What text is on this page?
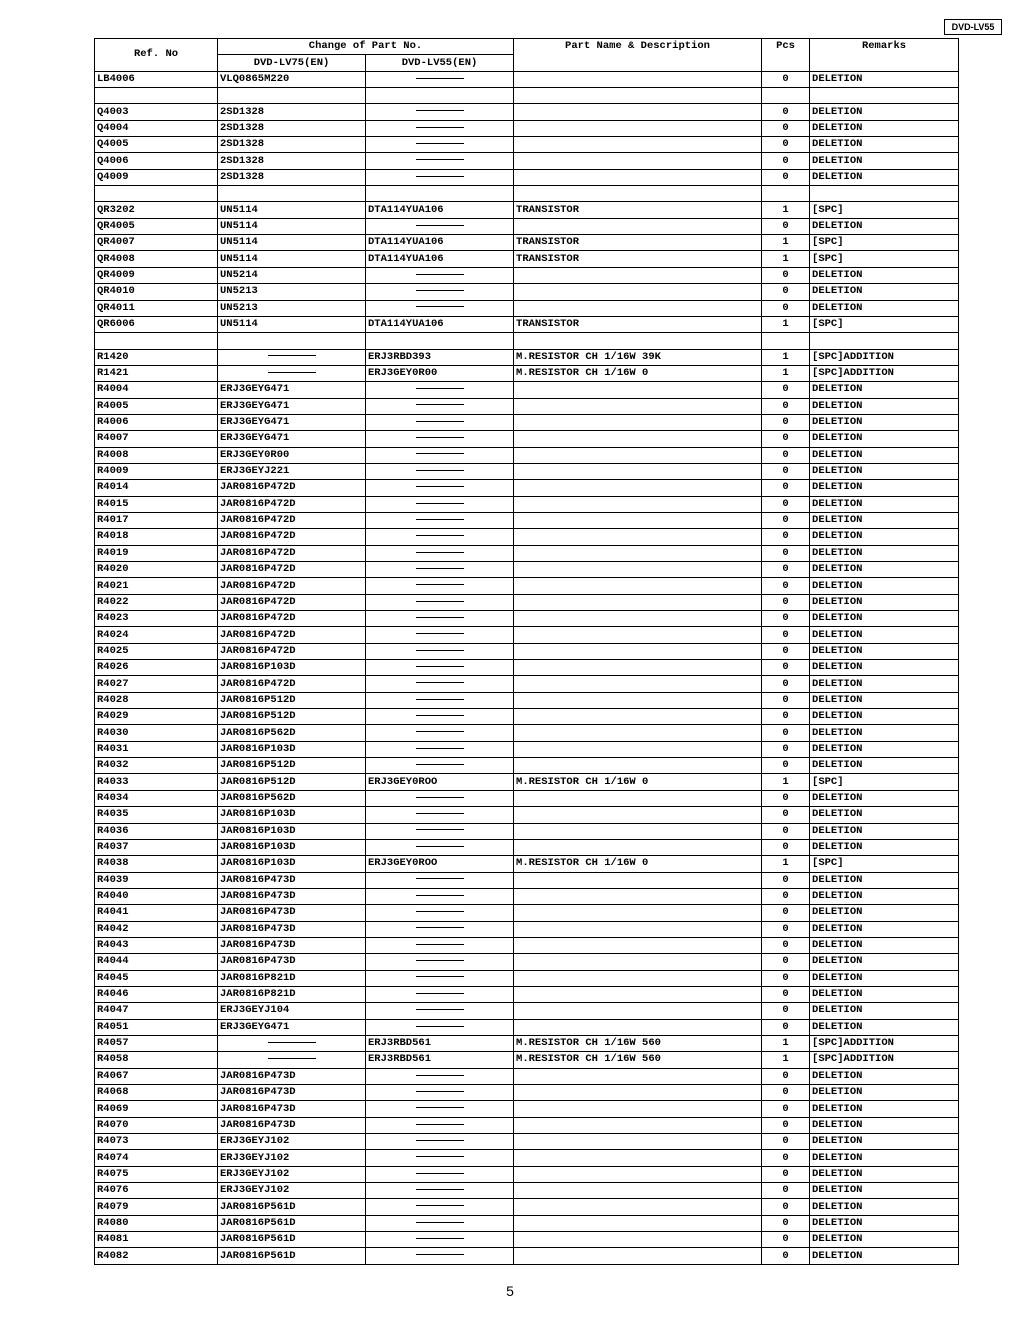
DVD-LV55
Ref. No	Change of Part No.		Part Name & Description	Pcs	Remarks
	DVD-LV75(EN)	DVD-LV55(EN)			
LB4006	VLQ0865M220			0	DELETION

Q4003	2SD1328			0	DELETION
Q4004	2SD1328			0	DELETION
Q4005	2SD1328			0	DELETION
Q4006	2SD1328			0	DELETION
Q4009	2SD1328			0	DELETION

QR3202	UN5114	DTA114YUA106	TRANSISTOR	1	[SPC]
QR4005	UN5114			0	DELETION
QR4007	UN5114	DTA114YUA106	TRANSISTOR	1	[SPC]
QR4008	UN5114	DTA114YUA106	TRANSISTOR	1	[SPC]
QR4009	UN5214			0	DELETION
QR4010	UN5213			0	DELETION
QR4011	UN5213			0	DELETION
QR6006	UN5114	DTA114YUA106	TRANSISTOR	1	[SPC]

R1420		ERJ3RBD393	M.RESISTOR CH 1/16W 39K	1	[SPC]ADDITION
R1421		ERJ3GEY0R00	M.RESISTOR CH 1/16W 0	1	[SPC]ADDITION
R4004	ERJ3GEYG471			0	DELETION
R4005	ERJ3GEYG471			0	DELETION
R4006	ERJ3GEYG471			0	DELETION
R4007	ERJ3GEYG471			0	DELETION
R4008	ERJ3GEY0R00			0	DELETION
R4009	ERJ3GEYJ221			0	DELETION
R4014	JAR0816P472D			0	DELETION
R4015	JAR0816P472D			0	DELETION
R4017	JAR0816P472D			0	DELETION
R4018	JAR0816P472D			0	DELETION
R4019	JAR0816P472D			0	DELETION
R4020	JAR0816P472D			0	DELETION
R4021	JAR0816P472D			0	DELETION
R4022	JAR0816P472D			0	DELETION
R4023	JAR0816P472D			0	DELETION
R4024	JAR0816P472D			0	DELETION
R4025	JAR0816P472D			0	DELETION
R4026	JAR0816P103D			0	DELETION
R4027	JAR0816P472D			0	DELETION
R4028	JAR0816P512D			0	DELETION
R4029	JAR0816P512D			0	DELETION
R4030	JAR0816P562D			0	DELETION
R4031	JAR0816P103D			0	DELETION
R4032	JAR0816P512D			0	DELETION
R4033	JAR0816P512D	ERJ3GEY0ROO	M.RESISTOR CH 1/16W 0	1	[SPC]
R4034	JAR0816P562D			0	DELETION
R4035	JAR0816P103D			0	DELETION
R4036	JAR0816P103D			0	DELETION
R4037	JAR0816P103D			0	DELETION
R4038	JAR0816P103D	ERJ3GEY0ROO	M.RESISTOR CH 1/16W 0	1	[SPC]
R4039	JAR0816P473D			0	DELETION
R4040	JAR0816P473D			0	DELETION
R4041	JAR0816P473D			0	DELETION
R4042	JAR0816P473D			0	DELETION
R4043	JAR0816P473D			0	DELETION
R4044	JAR0816P473D			0	DELETION
R4045	JAR0816P821D			0	DELETION
R4046	JAR0816P821D			0	DELETION
R4047	ERJ3GEYJ104			0	DELETION
R4051	ERJ3GEYG471			0	DELETION
R4057		ERJ3RBD561	M.RESISTOR CH 1/16W 560	1	[SPC]ADDITION
R4058		ERJ3RBD561	M.RESISTOR CH 1/16W 560	1	[SPC]ADDITION
R4067	JAR0816P473D			0	DELETION
R4068	JAR0816P473D			0	DELETION
R4069	JAR0816P473D			0	DELETION
R4070	JAR0816P473D			0	DELETION
R4073	ERJ3GEYJ102			0	DELETION
R4074	ERJ3GEYJ102			0	DELETION
R4075	ERJ3GEYJ102			0	DELETION
R4076	ERJ3GEYJ102			0	DELETION
R4079	JAR0816P561D			0	DELETION
R4080	JAR0816P561D			0	DELETION
R4081	JAR0816P561D			0	DELETION
R4082	JAR0816P561D			0	DELETION
5
